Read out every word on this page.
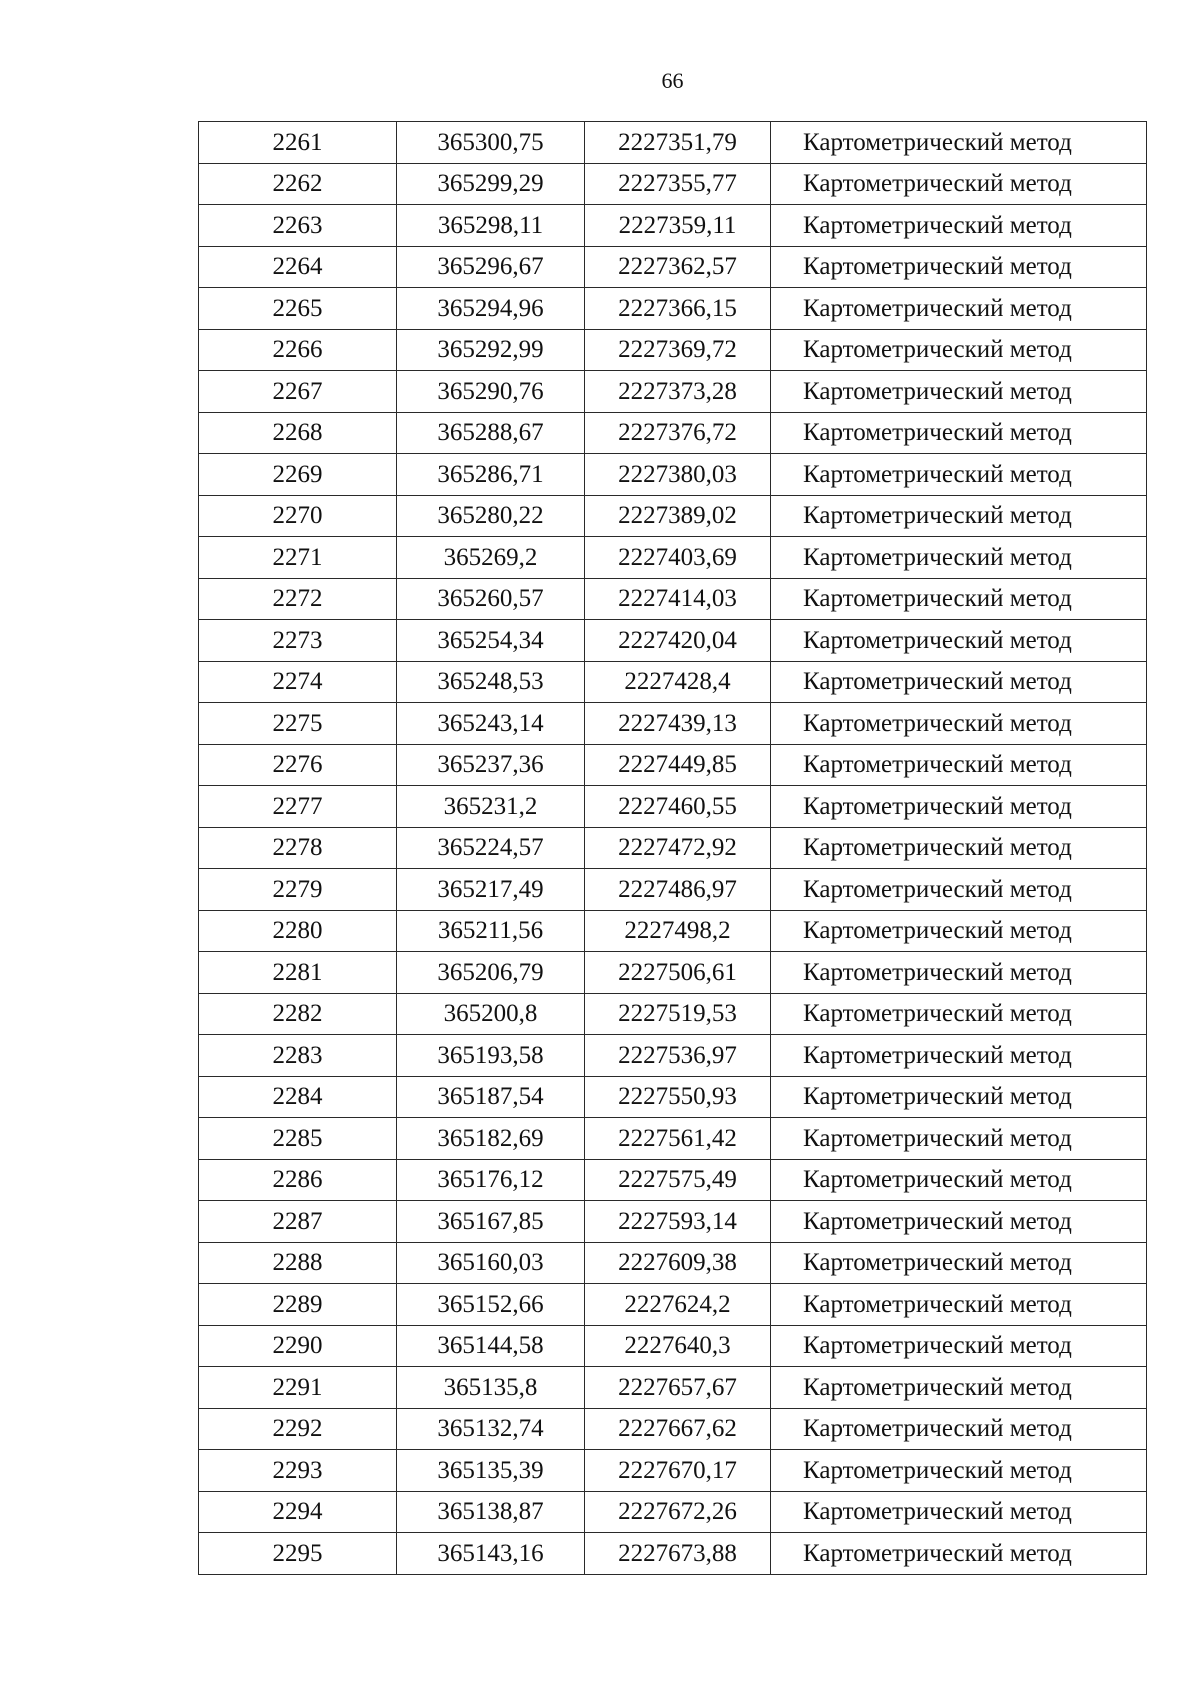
66
2261	365300,75	2227351,79	Картометрический метод
2262	365299,29	2227355,77	Картометрический метод
2263	365298,11	2227359,11	Картометрический метод
2264	365296,67	2227362,57	Картометрический метод
2265	365294,96	2227366,15	Картометрический метод
2266	365292,99	2227369,72	Картометрический метод
2267	365290,76	2227373,28	Картометрический метод
2268	365288,67	2227376,72	Картометрический метод
2269	365286,71	2227380,03	Картометрический метод
2270	365280,22	2227389,02	Картометрический метод
2271	365269,2	2227403,69	Картометрический метод
2272	365260,57	2227414,03	Картометрический метод
2273	365254,34	2227420,04	Картометрический метод
2274	365248,53	2227428,4	Картометрический метод
2275	365243,14	2227439,13	Картометрический метод
2276	365237,36	2227449,85	Картометрический метод
2277	365231,2	2227460,55	Картометрический метод
2278	365224,57	2227472,92	Картометрический метод
2279	365217,49	2227486,97	Картометрический метод
2280	365211,56	2227498,2	Картометрический метод
2281	365206,79	2227506,61	Картометрический метод
2282	365200,8	2227519,53	Картометрический метод
2283	365193,58	2227536,97	Картометрический метод
2284	365187,54	2227550,93	Картометрический метод
2285	365182,69	2227561,42	Картометрический метод
2286	365176,12	2227575,49	Картометрический метод
2287	365167,85	2227593,14	Картометрический метод
2288	365160,03	2227609,38	Картометрический метод
2289	365152,66	2227624,2	Картометрический метод
2290	365144,58	2227640,3	Картометрический метод
2291	365135,8	2227657,67	Картометрический метод
2292	365132,74	2227667,62	Картометрический метод
2293	365135,39	2227670,17	Картометрический метод
2294	365138,87	2227672,26	Картометрический метод
2295	365143,16	2227673,88	Картометрический метод
